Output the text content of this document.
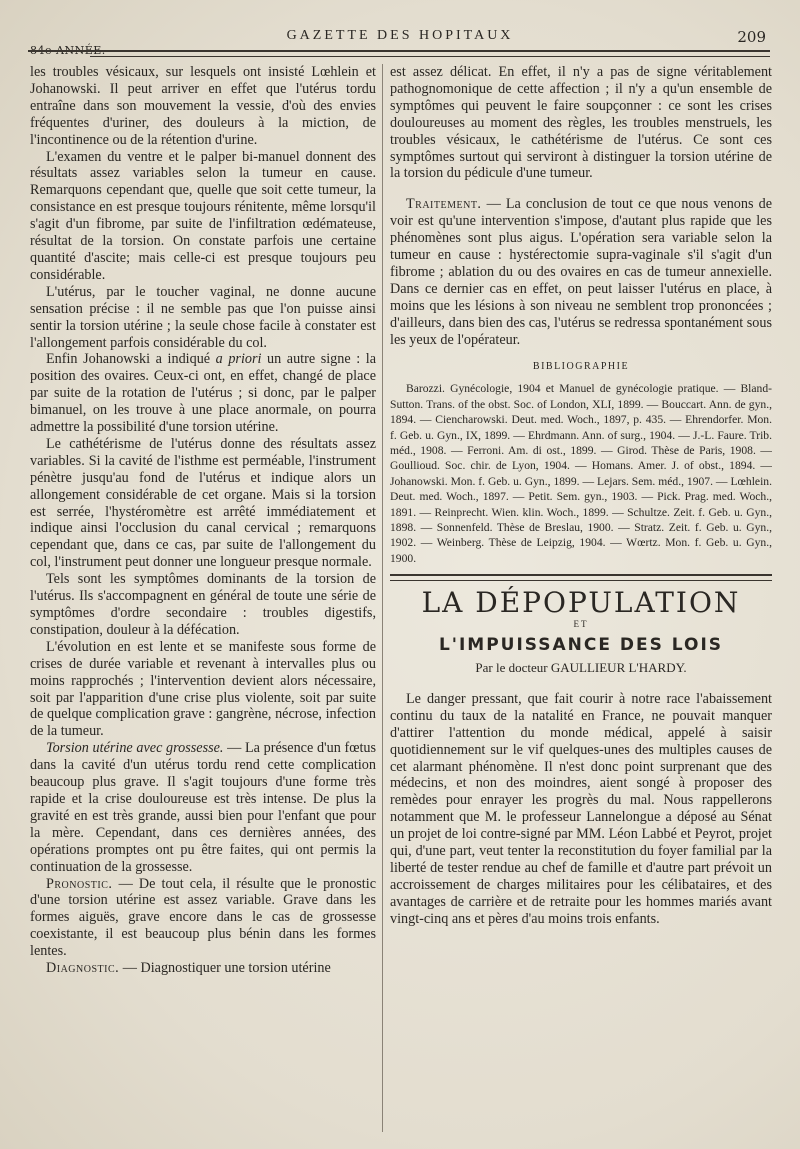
84e ANNÉE.
GAZETTE DES HOPITAUX	209

les troubles vésicaux, sur lesquels ont insisté Lœhlein et Johanowski. Il peut arriver en effet que l'utérus tordu entraîne dans son mouvement la vessie, d'où des envies fréquentes d'uriner, des douleurs à la miction, de l'incontinence ou de la rétention d'urine.

L'examen du ventre et le palper bi-manuel donnent des résultats assez variables selon la tumeur en cause. Remarquons cependant que, quelle que soit cette tumeur, la consistance en est presque toujours rénitente, même lorsqu'il s'agit d'un fibrome, par suite de l'infiltration œdémateuse, résultat de la torsion. On constate parfois une certaine quantité d'ascite; mais celle-ci est presque toujours peu considérable.

L'utérus, par le toucher vaginal, ne donne aucune sensation précise : il ne semble pas que l'on puisse ainsi sentir la torsion utérine ; la seule chose facile à constater est l'allongement parfois considérable du col.

Enfin Johanowski a indiqué a priori un autre signe : la position des ovaires. Ceux-ci ont, en effet, changé de place par suite de la rotation de l'utérus ; si donc, par le palper bimanuel, on les trouve à une place anormale, on pourra admettre la possibilité d'une torsion utérine.

Le cathétérisme de l'utérus donne des résultats assez variables. Si la cavité de l'isthme est perméable, l'instrument pénètre jusqu'au fond de l'utérus et indique alors un allongement considérable de cet organe. Mais si la torsion est serrée, l'hystéromètre est arrêté immédiatement et indique ainsi l'occlusion du canal cervical ; remarquons cependant que, dans ce cas, par suite de l'allongement du col, l'instrument peut donner une longueur presque normale.

Tels sont les symptômes dominants de la torsion de l'utérus. Ils s'accompagnent en général de toute une série de symptômes d'ordre secondaire : troubles digestifs, constipation, douleur à la défécation.

L'évolution en est lente et se manifeste sous forme de crises de durée variable et revenant à intervalles plus ou moins rapprochés ; l'intervention devient alors nécessaire, soit par l'apparition d'une crise plus violente, soit par suite de quelque complication grave : gangrène, nécrose, infection de la tumeur.

Torsion utérine avec grossesse. — La présence d'un fœtus dans la cavité d'un utérus tordu rend cette complication beaucoup plus grave. Il s'agit toujours d'une forme très rapide et la crise douloureuse est très intense. De plus la gravité en est très grande, aussi bien pour l'enfant que pour la mère. Cependant, dans ces dernières années, des opérations promptes ont pu être faites, qui ont permis la continuation de la grossesse.

Pronostic. — De tout cela, il résulte que le pronostic d'une torsion utérine est assez variable. Grave dans les formes aiguës, grave encore dans le cas de grossesse coexistante, il est beaucoup plus bénin dans les formes lentes.

Diagnostic. — Diagnostiquer une torsion utérine

est assez délicat. En effet, il n'y a pas de signe véritablement pathognomonique de cette affection ; il n'y a qu'un ensemble de symptômes qui peuvent le faire soupçonner : ce sont les crises douloureuses au moment des règles, les troubles menstruels, les troubles vésicaux, le cathétérisme de l'utérus. Ce sont ces symptômes surtout qui serviront à distinguer la torsion utérine de la torsion du pédicule d'une tumeur.

Traitement. — La conclusion de tout ce que nous venons de voir est qu'une intervention s'impose, d'autant plus rapide que les phénomènes sont plus aigus. L'opération sera variable selon la tumeur en cause : hystérectomie supra-vaginale s'il s'agit d'un fibrome ; ablation du ou des ovaires en cas de tumeur annexielle. Dans ce dernier cas en effet, on peut laisser l'utérus en place, à moins que les lésions à son niveau ne semblent trop prononcées ; d'ailleurs, dans bien des cas, l'utérus se redressa spontanément sous les yeux de l'opérateur.

BIBLIOGRAPHIE

Barozzi. Gynécologie, 1904 et Manuel de gynécologie pratique. — Bland-Sutton. Trans. of the obst. Soc. of London, XLI, 1899. — Bouccart. Ann. de gyn., 1894. — Ciencharowski. Deut. med. Woch., 1897, p. 435. — Ehrendorfer. Mon. f. Geb. u. Gyn., IX, 1899. — Ehrdmann. Ann. of surg., 1904. — J.-L. Faure. Trib. méd., 1908. — Ferroni. Am. di ost., 1899. — Girod. Thèse de Paris, 1908. — Goullioud. Soc. chir. de Lyon, 1904. — Homans. Amer. J. of obst., 1894. — Johanowski. Mon. f. Geb. u. Gyn., 1899. — Lejars. Sem. méd., 1907. — Lœhlein. Deut. med. Woch., 1897. — Petit. Sem. gyn., 1903. — Pick. Prag. med. Woch., 1891. — Reinprecht. Wien. klin. Woch., 1899. — Schultze. Zeit. f. Geb. u. Gyn., 1898. — Sonnenfeld. Thèse de Breslau, 1900. — Stratz. Zeit. f. Geb. u. Gyn., 1902. — Weinberg. Thèse de Leipzig, 1904. — Wœrtz. Mon. f. Geb. u. Gyn., 1900.

LA DÉPOPULATION
ET
L'IMPUISSANCE DES LOIS
Par le docteur GAULLIEUR L'HARDY.

Le danger pressant, que fait courir à notre race l'abaissement continu du taux de la natalité en France, ne pouvait manquer d'attirer l'attention du monde médical, appelé à saisir quotidiennement sur le vif quelques-unes des multiples causes de cet alarmant phénomène. Il n'est donc point surprenant que des médecins, et non des moindres, aient songé à proposer des remèdes pour enrayer les progrès du mal. Nous rappellerons notamment que M. le professeur Lannelongue a déposé au Sénat un projet de loi contre-signé par MM. Léon Labbé et Peyrot, projet qui, d'une part, veut tenter la reconstitution du foyer familial par la liberté de tester rendue au chef de famille et d'autre part prévoit un accroissement de charges militaires pour les célibataires, et des avantages de carrière et de retraite pour les hommes mariés avant vingt-cinq ans et pères d'au moins trois enfants.
